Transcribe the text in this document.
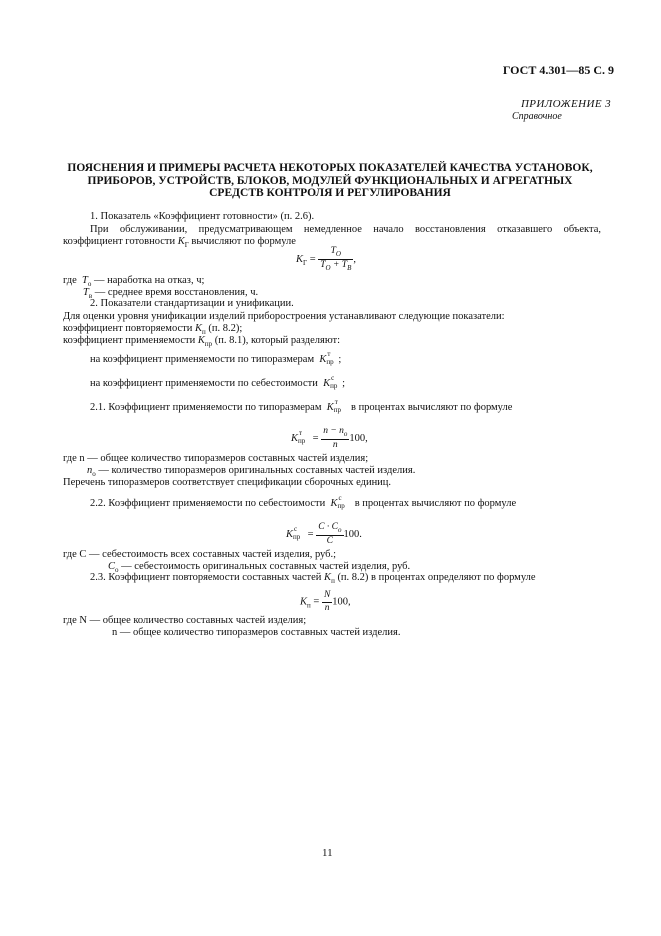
ГОСТ 4.301—85 С. 9
ПРИЛОЖЕНИЕ 3
Справочное
ПОЯСНЕНИЯ И ПРИМЕРЫ РАСЧЕТА НЕКОТОРЫХ ПОКАЗАТЕЛЕЙ КАЧЕСТВА УСТАНОВОК, ПРИБОРОВ, УСТРОЙСТВ, БЛОКОВ, МОДУЛЕЙ ФУНКЦИОНАЛЬНЫХ И АГРЕГАТНЫХ СРЕДСТВ КОНТРОЛЯ И РЕГУЛИРОВАНИЯ
1. Показатель «Коэффициент готовности» (п. 2.6).
При обслуживании, предусматривающем немедленное начало восстановления отказавшего объекта,
коэффициент готовности $K_Г$ вычисляют по формуле
$K_Г = \frac{T_О}{T_О + T_В}$ ,
где $T_о$ — наработка на отказ, ч;
$T_в$ — среднее время восстановления, ч.
2. Показатели стандартизации и унификации.
Для оценки уровня унификации изделий приборостроения устанавливают следующие показатели:
коэффициент повторяемости $K_п$ (п. 8.2);
коэффициент применяемости $K_{пр}$ (п. 8.1), который разделяют:
на коэффициент применяемости по типоразмерам K т
пр ;
на коэффициент применяемости по себестоимости K с
пр ;
2.1. Коэффициент применяемости по типоразмерам K т
пр в процентах вычисляют по формуле
K т
пр = $\frac{n - n_о}{n} 100$,
где n — общее количество типоразмеров составных частей изделия;
$n_о$ — количество типоразмеров оригинальных составных частей изделия.
Перечень типоразмеров соответствует спецификации сборочных единиц.
2.2. Коэффициент применяемости по себестоимости K с
пр в процентах вычисляют по формуле
K с
пр = $\frac{C \cdot C_о}{C} 100$.
где C — себестоимость всех составных частей изделия, руб.;
$C_о$ — себестоимость оригинальных составных частей изделия, руб.
2.3. Коэффициент повторяемости составных частей $K_п$ (п. 8.2) в процентах определяют по формуле
$K_п = \frac{N}{n} 100$,
где N — общее количество составных частей изделия;
n — общее количество типоразмеров составных частей изделия.
11
